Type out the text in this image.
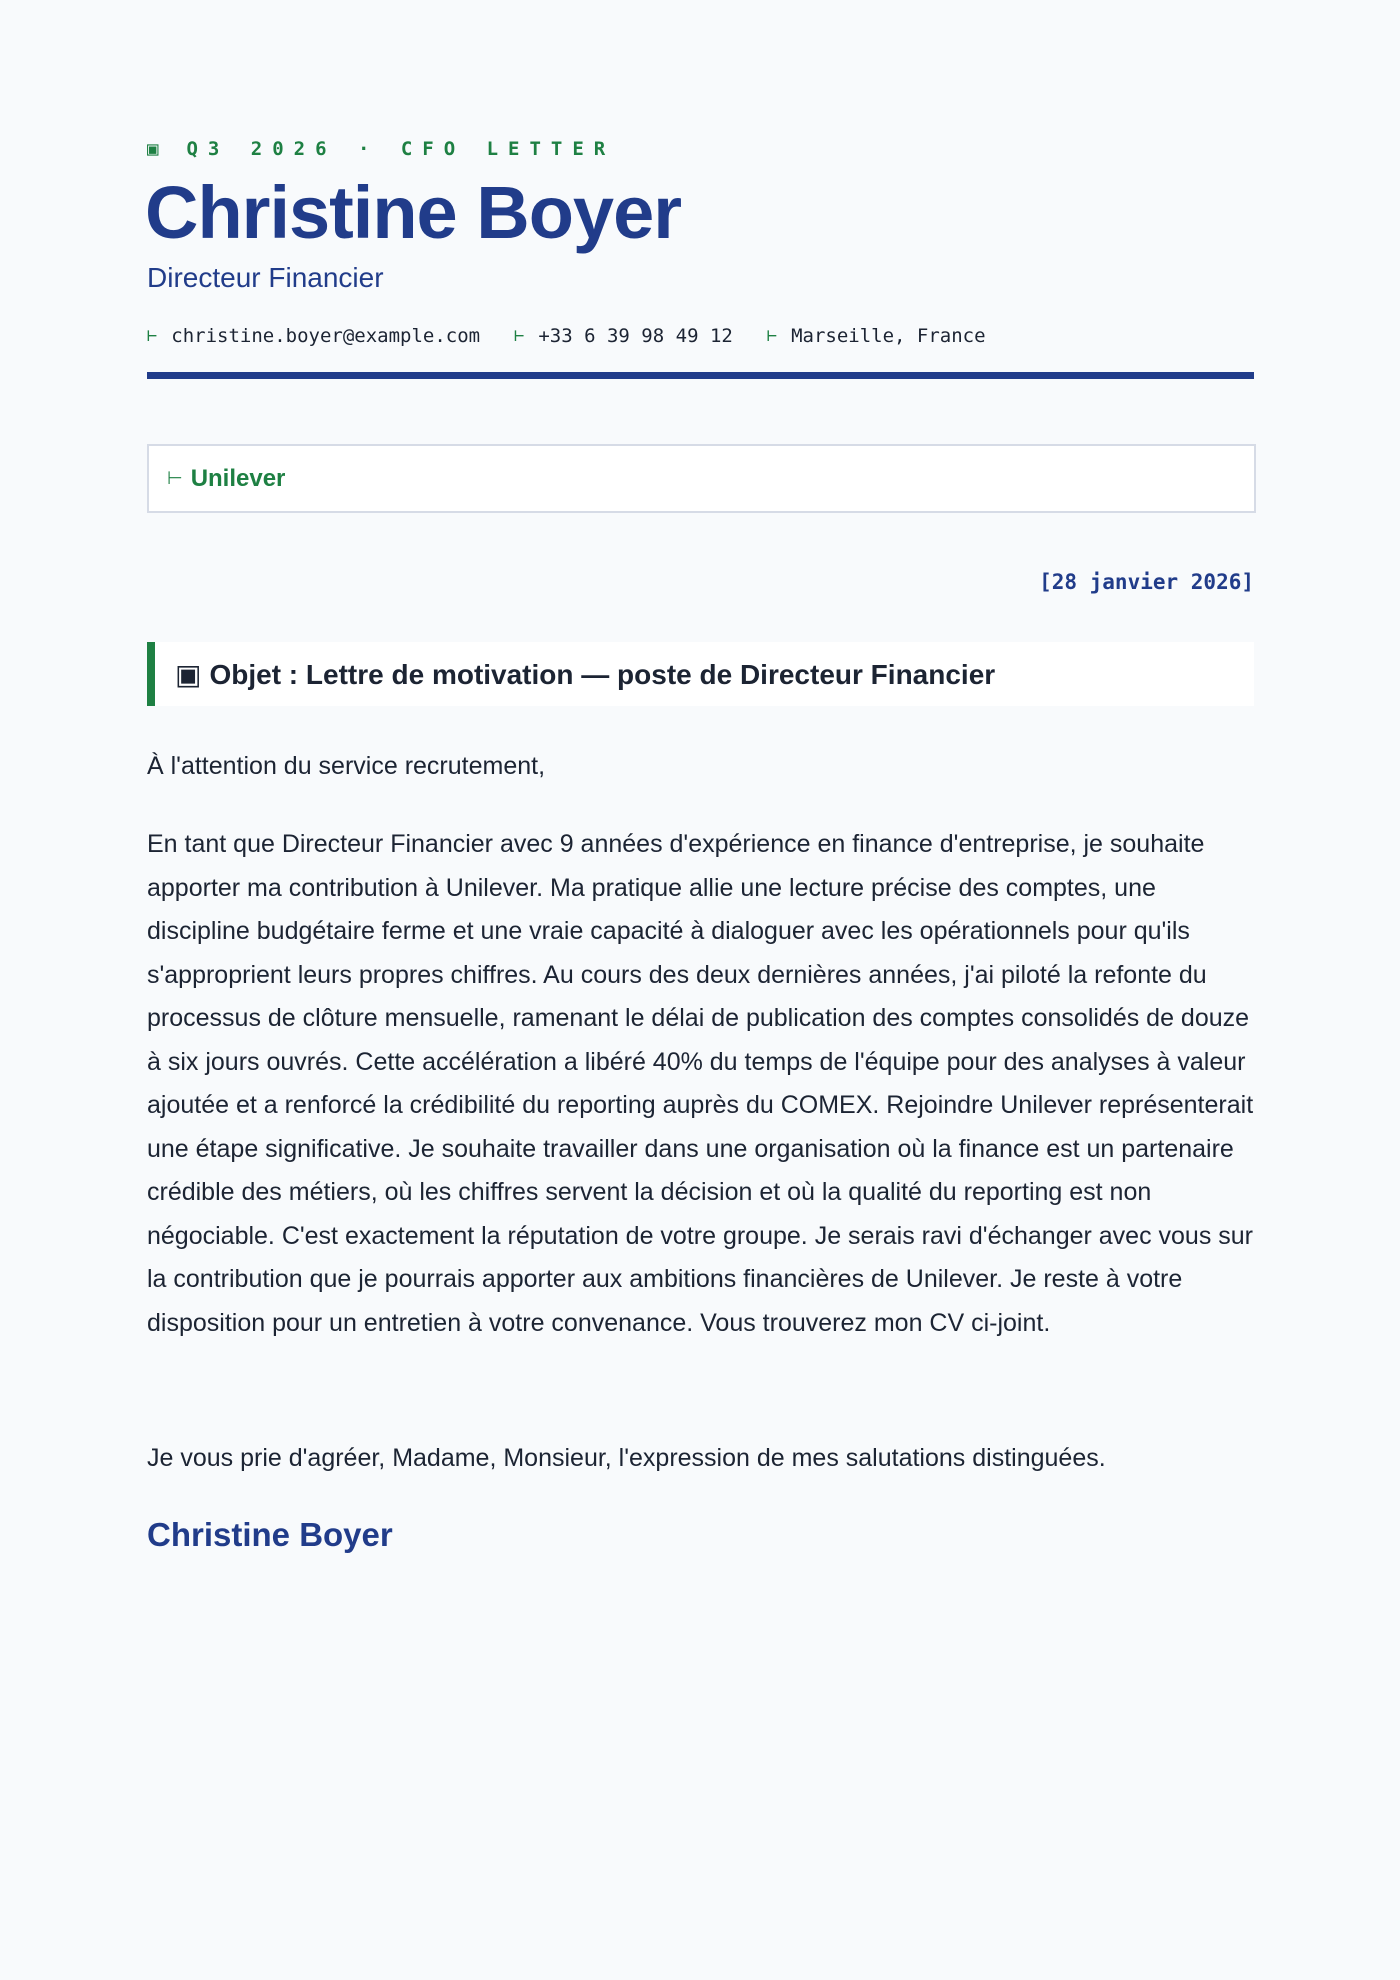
▣ Q3 2026 · CFO LETTER
Christine Boyer
Directeur Financier
⊢ christine.boyer@example.com ⊢ +33 6 39 98 49 12 ⊢ Marseille, France
⊢ Unilever
[28 janvier 2026]
▣ Objet : Lettre de motivation — poste de Directeur Financier
À l'attention du service recrutement,
En tant que Directeur Financier avec 9 années d'expérience en finance d'entreprise, je souhaite apporter ma contribution à Unilever. Ma pratique allie une lecture précise des comptes, une discipline budgétaire ferme et une vraie capacité à dialoguer avec les opérationnels pour qu'ils s'approprient leurs propres chiffres. Au cours des deux dernières années, j'ai piloté la refonte du processus de clôture mensuelle, ramenant le délai de publication des comptes consolidés de douze à six jours ouvrés. Cette accélération a libéré 40% du temps de l'équipe pour des analyses à valeur ajoutée et a renforcé la crédibilité du reporting auprès du COMEX. Rejoindre Unilever représenterait une étape significative. Je souhaite travailler dans une organisation où la finance est un partenaire crédible des métiers, où les chiffres servent la décision et où la qualité du reporting est non négociable. C'est exactement la réputation de votre groupe. Je serais ravi d'échanger avec vous sur la contribution que je pourrais apporter aux ambitions financières de Unilever. Je reste à votre disposition pour un entretien à votre convenance. Vous trouverez mon CV ci-joint.
Je vous prie d'agréer, Madame, Monsieur, l'expression de mes salutations distinguées.
Christine Boyer
